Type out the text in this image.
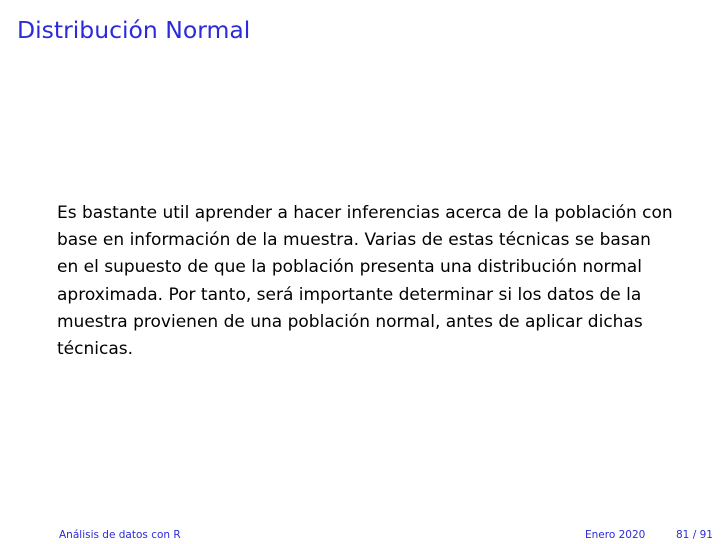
Distribución Normal

Es bastante util aprender a hacer inferencias acerca de la población con
base en información de la muestra. Varias de estas técnicas se basan
en el supuesto de que la población presenta una distribución normal
aproximada. Por tanto, será importante determinar si los datos de la
muestra provienen de una población normal, antes de aplicar dichas
técnicas.

Análisis de datos con R	Enero 2020	81 / 91
